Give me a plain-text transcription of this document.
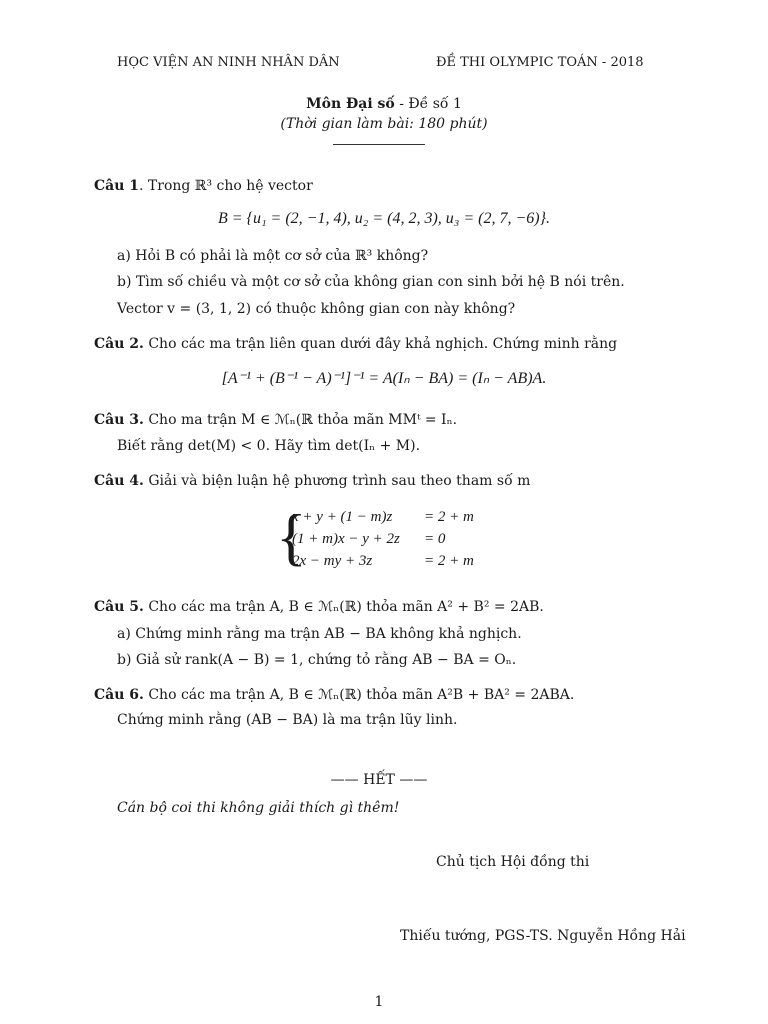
HỌC VIỆN AN NINH NHÂN DÂN	ĐỀ THI OLYMPIC TOÁN - 2018
Môn Đại số - Đề số 1
(Thời gian làm bài: 180 phút)
Câu 1. Trong ℝ³ cho hệ vector
B = {u₁ = (2, −1, 4), u₂ = (4, 2, 3), u₃ = (2, 7, −6)}.
a) Hỏi B có phải là một cơ sở của ℝ³ không?
b) Tìm số chiều và một cơ sở của không gian con sinh bởi hệ B nói trên.
Vector v = (3, 1, 2) có thuộc không gian con này không?
Câu 2. Cho các ma trận liên quan dưới đây khả nghịch. Chứng minh rằng
[A⁻¹ + (B⁻¹ − A)⁻¹]⁻¹ = A(Iₙ − BA) = (Iₙ − AB)A.
Câu 3. Cho ma trận M ∈ ℳₙ(ℝ thỏa mãn MMᵗ = Iₙ.
Biết rằng det(M) < 0. Hãy tìm det(Iₙ + M).
Câu 4. Giải và biện luận hệ phương trình sau theo tham số m
{
x + y + (1 − m)z = 2 + m
(1 + m)x − y + 2z = 0
2x − my + 3z	= 2 + m
Câu 5. Cho các ma trận A, B ∈ ℳₙ(ℝ) thỏa mãn A² + B² = 2AB.
a) Chứng minh rằng ma trận AB − BA không khả nghịch.
b) Giả sử rank(A − B) = 1, chứng tỏ rằng AB − BA = Oₙ.
Câu 6. Cho các ma trận A, B ∈ ℳₙ(ℝ) thỏa mãn A²B + BA² = 2ABA.
Chứng minh rằng (AB − BA) là ma trận lũy linh.
—— HẾT ——
Cán bộ coi thi không giải thích gì thêm!
Chủ tịch Hội đồng thi
Thiếu tướng, PGS-TS. Nguyễn Hồng Hải
1
